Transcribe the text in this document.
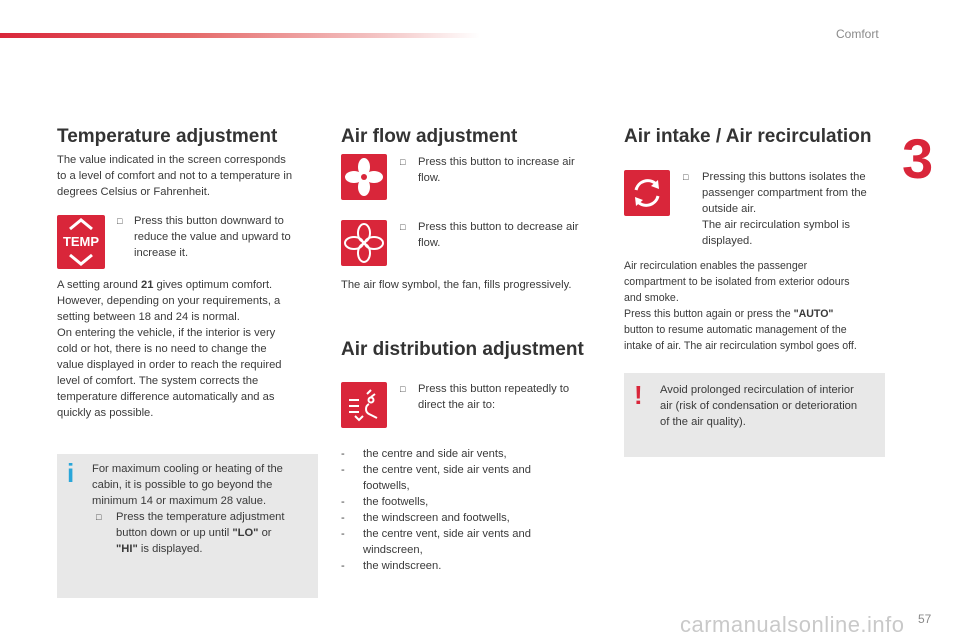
Comfort
3
57
carmanualsonline.info
Temperature adjustment
The value indicated in the screen corresponds
to a level of comfort and not to a temperature in
degrees Celsius or Fahrenheit.
TEMP
□ Press this button downward to
reduce the value and upward to
increase it.
A setting around 21 gives optimum comfort.
However, depending on your requirements, a
setting between 18 and 24 is normal.
On entering the vehicle, if the interior is very
cold or hot, there is no need to change the
value displayed in order to reach the required
level of comfort. The system corrects the
temperature difference automatically and as
quickly as possible.
i For maximum cooling or heating of the
cabin, it is possible to go beyond the
minimum 14 or maximum 28 value.
□ Press the temperature adjustment
button down or up until "LO" or
"HI" is displayed.
Air flow adjustment
□ Press this button to increase air
flow.
□ Press this button to decrease air
flow.
The air flow symbol, the fan, fills progressively.
Air distribution adjustment
□ Press this button repeatedly to
direct the air to:
- the centre and side air vents,
- the centre vent, side air vents and
footwells,
- the footwells,
- the windscreen and footwells,
- the centre vent, side air vents and
windscreen,
- the windscreen.
Air intake / Air recirculation
□ Pressing this buttons isolates the
passenger compartment from the
outside air.
The air recirculation symbol is
displayed.
Air recirculation enables the passenger
compartment to be isolated from exterior odours
and smoke.
Press this button again or press the "AUTO"
button to resume automatic management of the
intake of air. The air recirculation symbol goes off.
! Avoid prolonged recirculation of interior
air (risk of condensation or deterioration
of the air quality).
